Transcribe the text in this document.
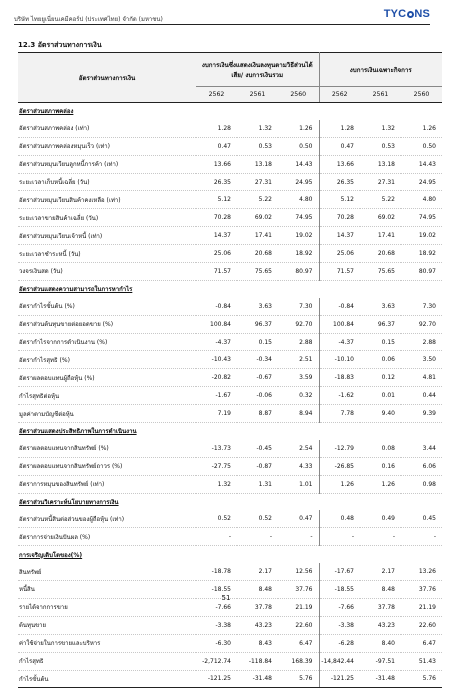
บริษัท ไทยยูเนี่ยนเคมีคอร์ป (ประเทศไทย) จำกัด (มหาชน)	TYC NS
12.3 อัตราส่วนทางการเงิน
อัตราส่วนทางการเงิน	งบการเงินซึ่งแสดงเงินลงทุนตามวิธีส่วนได้เสีย/ งบการเงินรวม			งบการเงินเฉพาะกิจการ		
	2562	2561	2560	2562	2561	2560
อัตราส่วนสภาพคล่อง						
อัตราส่วนสภาพคล่อง (เท่า)	1.28	1.32	1.26	1.28	1.32	1.26
อัตราส่วนสภาพคล่องหมุนเร็ว (เท่า)	0.47	0.53	0.50	0.47	0.53	0.50
อัตราส่วนหมุนเวียนลูกหนี้การค้า (เท่า)	13.66	13.18	14.43	13.66	13.18	14.43
ระยะเวลาเก็บหนี้เฉลี่ย (วัน)	26.35	27.31	24.95	26.35	27.31	24.95
อัตราส่วนหมุนเวียนสินค้าคงเหลือ (เท่า)	5.12	5.22	4.80	5.12	5.22	4.80
ระยะเวลาขายสินค้าเฉลี่ย (วัน)	70.28	69.02	74.95	70.28	69.02	74.95
อัตราส่วนหมุนเวียนเจ้าหนี้ (เท่า)	14.37	17.41	19.02	14.37	17.41	19.02
ระยะเวลาชำระหนี้ (วัน)	25.06	20.68	18.92	25.06	20.68	18.92
วงจรเงินสด (วัน)	71.57	75.65	80.97	71.57	75.65	80.97
อัตราส่วนแสดงความสามารถในการหากำไร						
อัตรากำไรขั้นต้น (%)	-0.84	3.63	7.30	-0.84	3.63	7.30
อัตราส่วนต้นทุนขายต่อยอดขาย (%)	100.84	96.37	92.70	100.84	96.37	92.70
อัตรากำไรจากการดำเนินงาน (%)	-4.37	0.15	2.88	-4.37	0.15	2.88
อัตรากำไรสุทธิ (%)	-10.43	-0.34	2.51	-10.10	0.06	3.50
อัตราผลตอบแทนผู้ถือหุ้น (%)	-20.82	-0.67	3.59	-18.83	0.12	4.81
กำไรสุทธิต่อหุ้น	-1.67	-0.06	0.32	-1.62	0.01	0.44
มูลค่าตามบัญชีต่อหุ้น	7.19	8.87	8.94	7.78	9.40	9.39
อัตราส่วนแสดงประสิทธิภาพในการดำเนินงาน						
อัตราผลตอบแทนจากสินทรัพย์ (%)	-13.73	-0.45	2.54	-12.79	0.08	3.44
อัตราผลตอบแทนจากสินทรัพย์ถาวร (%)	-27.75	-0.87	4.33	-26.85	0.16	6.06
อัตราการหมุนของสินทรัพย์ (เท่า)	1.32	1.31	1.01	1.26	1.26	0.98
อัตราส่วนวิเคราะห์นโยบายทางการเงิน						
อัตราส่วนหนี้สินต่อส่วนของผู้ถือหุ้น (เท่า)	0.52	0.52	0.47	0.48	0.49	0.45
อัตราการจ่ายเงินปันผล (%)	-	-	-	-	-	-
การเจริญเติบโตของ(%)						
สินทรัพย์	-18.78	2.17	12.56	-17.67	2.17	13.26
หนี้สิน	-18.55	8.48	37.76	-18.55	8.48	37.76
รายได้จากการขาย	-7.66	37.78	21.19	-7.66	37.78	21.19
ต้นทุนขาย	-3.38	43.23	22.60	-3.38	43.23	22.60
ค่าใช้จ่ายในการขายและบริหาร	-6.30	8.43	6.47	-6.28	8.40	6.47
กำไรสุทธิ	-2,712.74	-118.84	168.39	-14,842.44	-97.51	51.43
กำไรขั้นต้น	-121.25	-31.48	5.76	-121.25	-31.48	5.76
51
